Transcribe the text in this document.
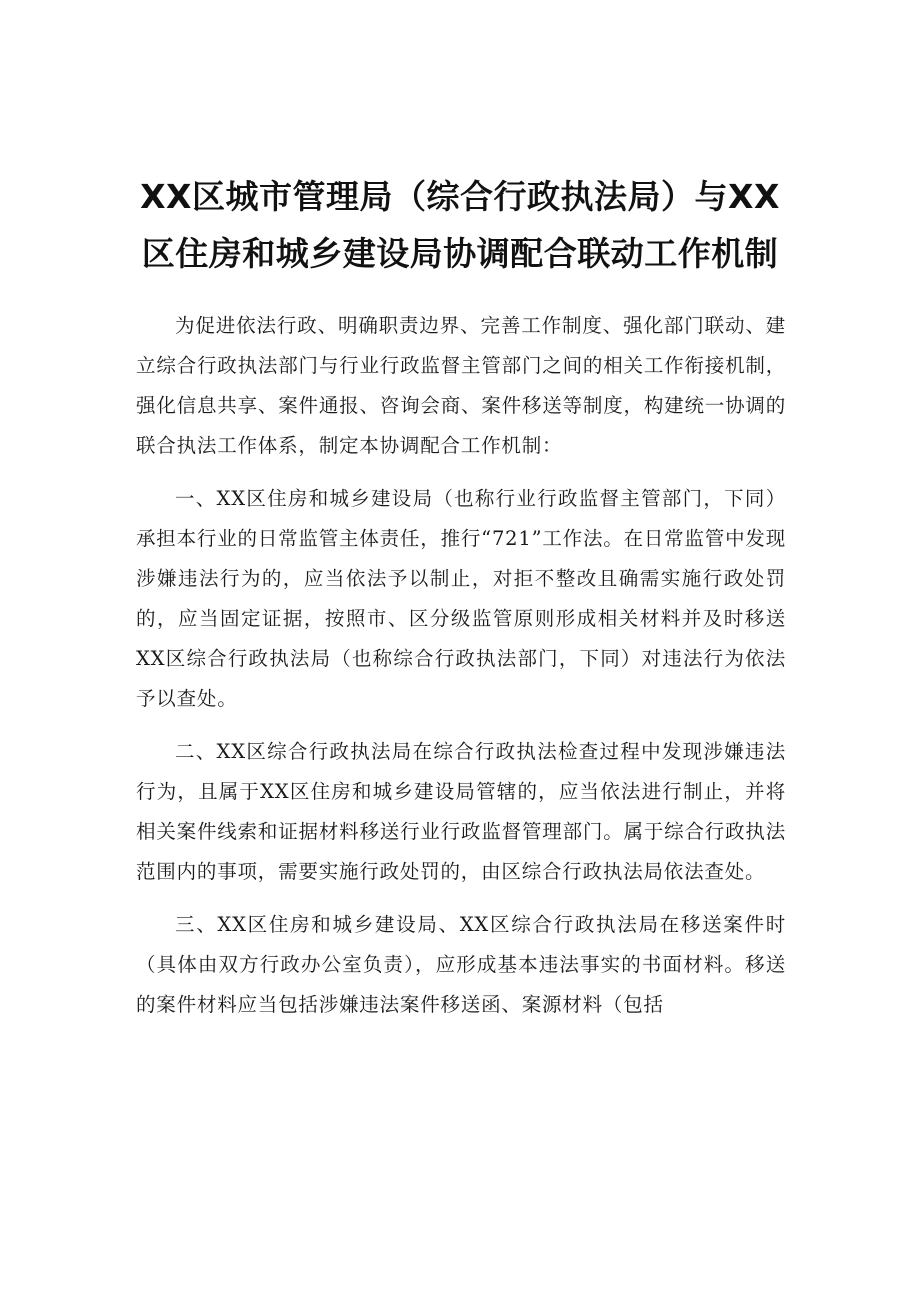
XX区城市管理局（综合行政执法局）与XX
区住房和城乡建设局协调配合联动工作机制

为促进依法行政、明确职责边界、完善工作制度、强化部门联动、建立综合行政执法部门与行业行政监督主管部门之间的相关工作衔接机制，强化信息共享、案件通报、咨询会商、案件移送等制度，构建统一协调的联合执法工作体系，制定本协调配合工作机制：

一、XX区住房和城乡建设局（也称行业行政监督主管部门，下同）承担本行业的日常监管主体责任，推行“721”工作法。在日常监管中发现涉嫌违法行为的，应当依法予以制止，对拒不整改且确需实施行政处罚的，应当固定证据，按照市、区分级监管原则形成相关材料并及时移送XX区综合行政执法局（也称综合行政执法部门，下同）对违法行为依法予以查处。

二、XX区综合行政执法局在综合行政执法检查过程中发现涉嫌违法行为，且属于XX区住房和城乡建设局管辖的，应当依法进行制止，并将相关案件线索和证据材料移送行业行政监督管理部门。属于综合行政执法范围内的事项，需要实施行政处罚的，由区综合行政执法局依法查处。

三、XX区住房和城乡建设局、XX区综合行政执法局在移送案件时（具体由双方行政办公室负责），应形成基本违法事实的书面材料。移送的案件材料应当包括涉嫌违法案件移送函、案源材料（包括
